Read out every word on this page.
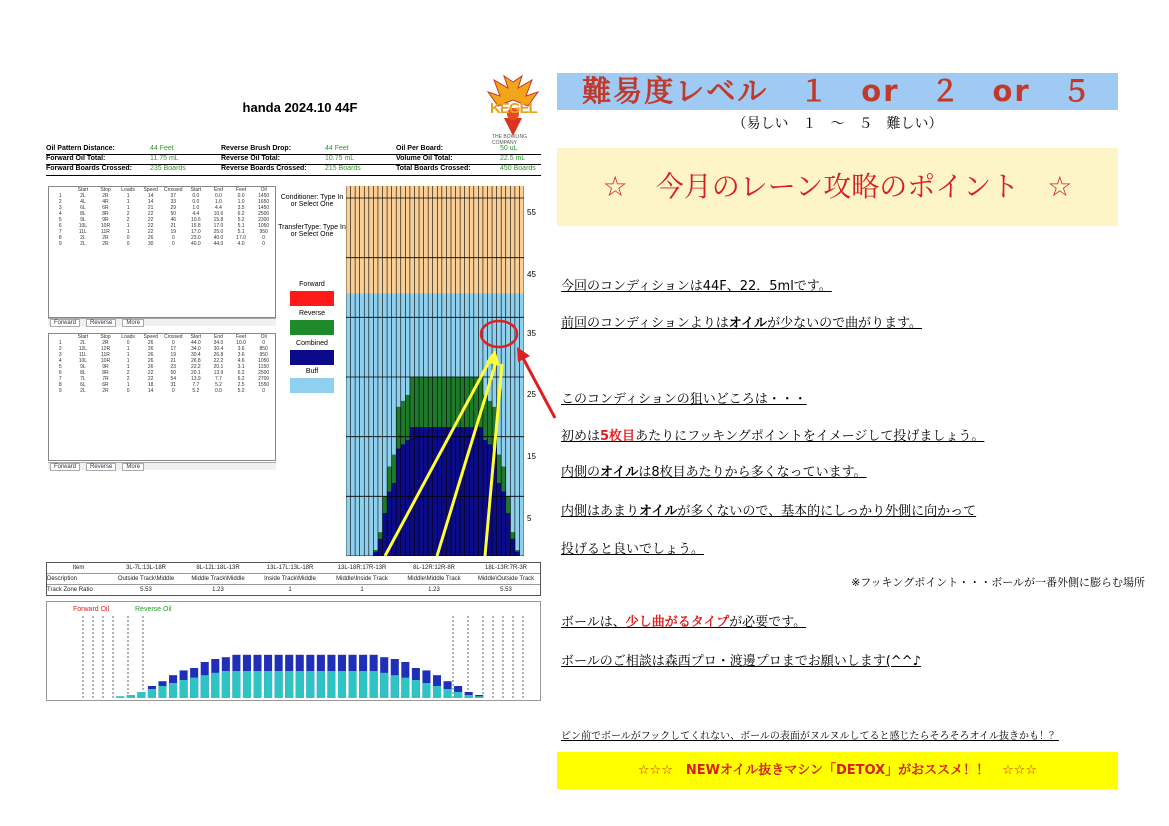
handa 2024.10 44F	KEGEL
THE BOWLING COMPANY
Oil Pattern Distance:	44 Feet	Reverse Brush Drop:	44 Feet	Oil Per Board:	50 uL
Forward Oil Total:	11.75 mL	Reverse Oil Total:	10.75 mL	Volume Oil Total:	22.5 mL
Forward Boards Crossed:	235 Boards	Reverse Boards Crossed:	215 Boards	Total Boards Crossed:	450 Boards
Start	Stop	Loads	Speed	Crossed	Start	End	Feet	Oil
1	2L	2R	1	14	37	0.0	0.0	0.0	1450
2	4L	4R	1	14	33	0.0	1.0	1.0	1650
3	6L	6R	1	21	29	1.0	4.4	3.5	1450
4	8L	8R	2	22	50	4.4	10.6	6.2	2500
5	9L	9R	2	22	46	10.6	15.8	5.2	2300
6	10L	10R	1	22	21	15.8	17.0	5.1	1050
7	11L	11R	1	22	19	17.0	25.0	5.1	950
8	2L	2R	0	26	0	23.0	40.0	17.0	0
9	2L	2R	0	30	0	40.0	44.0	4.0	0
Forward	Reverse	More
Start	Stop	Loads	Speed	Crossed	Start	End	Feet	Oil
1	2L	2R	0	26	0	44.0	34.0	10.0	0
2	12L	12R	1	26	17	34.0	30.4	3.6	850
3	11L	11R	1	26	19	30.4	26.8	3.6	950
4	10L	10R	1	26	21	26.8	22.2	4.6	1050
5	9L	9R	1	26	23	22.2	20.1	3.1	1150
6	8L	8R	2	22	50	20.1	13.9	6.2	2500
7	7L	7R	2	22	54	13.9	7.7	6.2	2700
8	6L	6R	1	18	31	7.7	5.2	2.5	1550
9	2L	2R	0	14	0	5.2	0.0	5.2	0
Forward	Reverse	More
Conditioner: Type In or Select One
TransferType: Type In or Select One
Forward
Reverse
Combined
Buff
55
45
35
25
15
5
Item	3L-7L:13L-18R	8L-12L:18L-13R	13L-17L:13L-18R	13L-18R:17R-13R	8L-12R:12R-8R	18L-13R:7R-3R
Description	Outside Track\Middle	Middle Track\Middle	Inside Track\Middle	Middle\Inside Track	Middle\Middle Track	Middle\Outside Track
Track Zone Ratio	5.53	1.23	1	1	1.23	5.53
Forward Oil	Reverse Oil
難易度レベル　１　or　２　or　５
（易しい　１　～　５　難しい）
☆　今月のレーン攻略のポイント　☆
今回のコンディションは44F、22．5mlです。
前回のコンディションよりはオイルが少ないので曲がります。
このコンディションの狙いどころは・・・
初めは5枚目あたりにフッキングポイントをイメージして投げましょう。
内側のオイルは8枚目あたりから多くなっています。
内側はあまりオイルが多くないので、基本的にしっかり外側に向かって
投げると良いでしょう。
※フッキングポイント・・・ボールが一番外側に膨らむ場所
ボールは、少し曲がるタイプが必要です。
ボールのご相談は森西プロ・渡邊プロまでお願いします(^^♪
ピン前でボールがフックしてくれない、ボールの表面がヌルヌルしてると感じたらそろそろオイル抜きかも！？
☆☆☆　NEWオイル抜きマシン「DETOX」がおススメ！！　☆☆☆
